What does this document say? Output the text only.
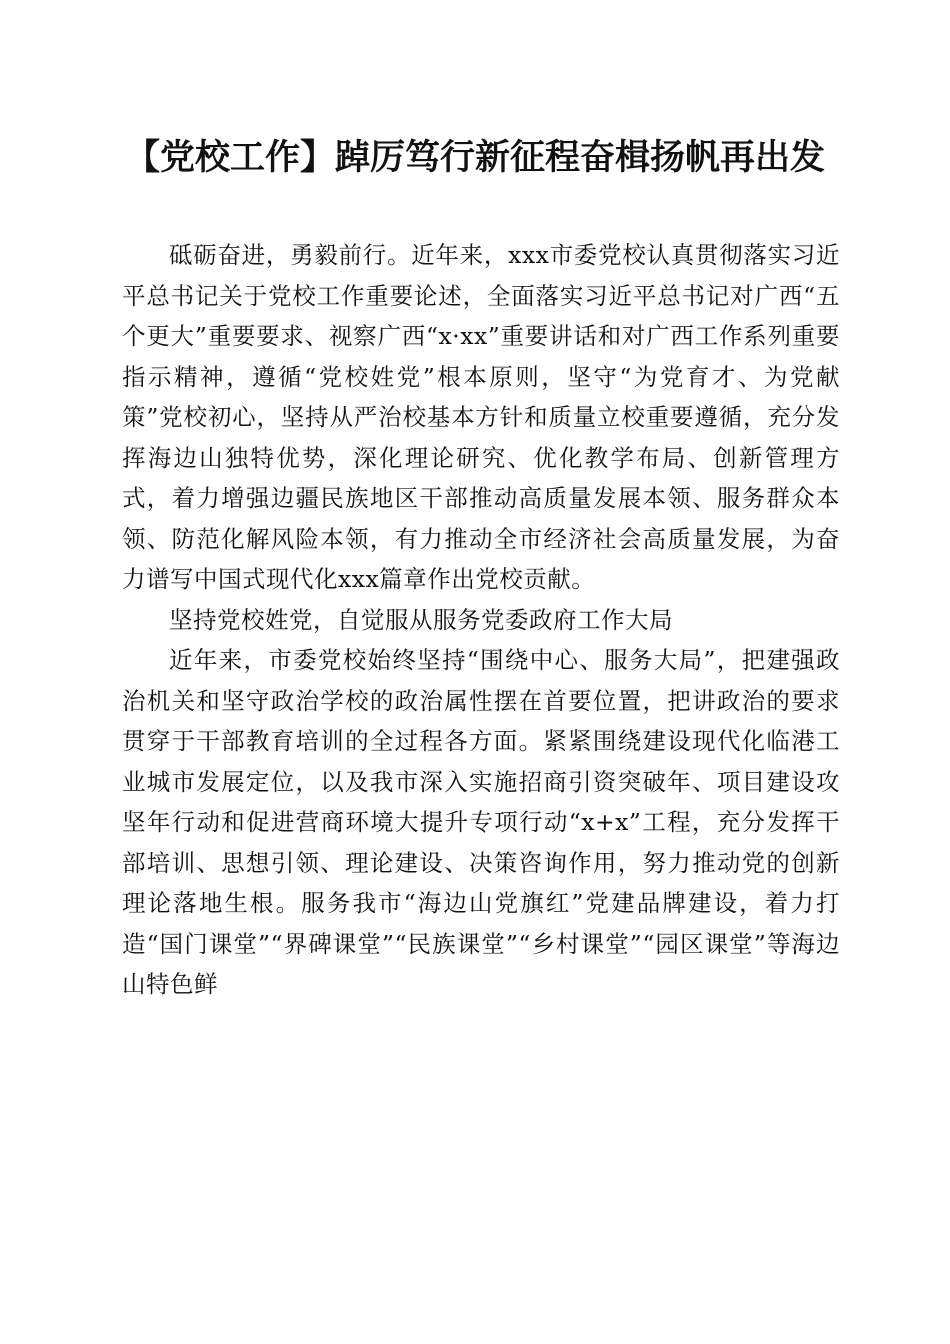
【党校工作】踔厉笃行新征程奋楫扬帆再出发

砥砺奋进，勇毅前行。近年来，xxx市委党校认真贯彻落实习近平总书记关于党校工作重要论述，全面落实习近平总书记对广西“五个更大”重要要求、视察广西“x·xx”重要讲话和对广西工作系列重要指示精神，遵循“党校姓党”根本原则，坚守“为党育才、为党献策”党校初心，坚持从严治校基本方针和质量立校重要遵循，充分发挥海边山独特优势，深化理论研究、优化教学布局、创新管理方式，着力增强边疆民族地区干部推动高质量发展本领、服务群众本领、防范化解风险本领，有力推动全市经济社会高质量发展，为奋力谱写中国式现代化xxx篇章作出党校贡献。

坚持党校姓党，自觉服从服务党委政府工作大局

近年来，市委党校始终坚持“围绕中心、服务大局”，把建强政治机关和坚守政治学校的政治属性摆在首要位置，把讲政治的要求贯穿于干部教育培训的全过程各方面。紧紧围绕建设现代化临港工业城市发展定位，以及我市深入实施招商引资突破年、项目建设攻坚年行动和促进营商环境大提升专项行动“x+x”工程，充分发挥干部培训、思想引领、理论建设、决策咨询作用，努力推动党的创新理论落地生根。服务我市“海边山党旗红”党建品牌建设，着力打造“国门课堂”“界碑课堂”“民族课堂”“乡村课堂”“园区课堂”等海边山特色鲜
